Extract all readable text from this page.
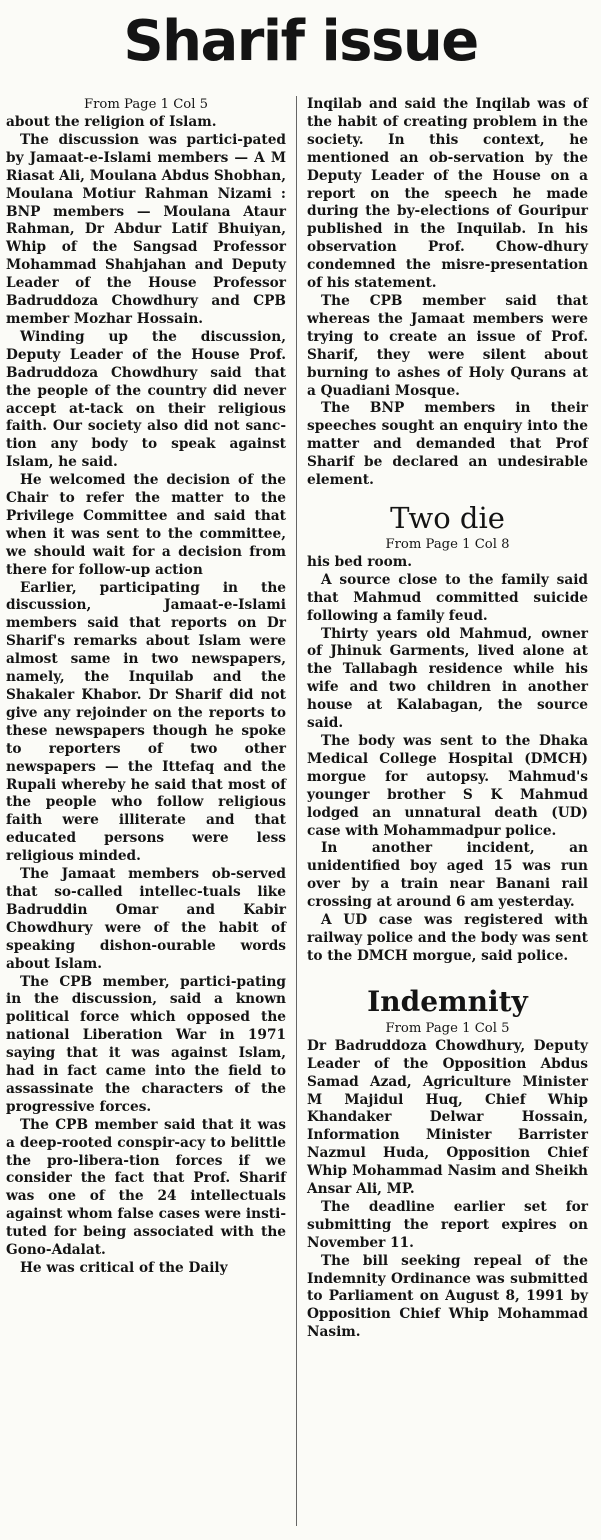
Sharif issue
From Page 1 Col 5

about the religion of Islam.

The discussion was partici-pated by Jamaat-e-Islami members — A M Riasat Ali, Moulana Abdus Shobhan, Moulana Motiur Rahman Nizami : BNP members — Moulana Ataur Rahman, Dr Abdur Latif Bhuiyan, Whip of the Sangsad Professor Mohammad Shahjahan and Deputy Leader of the House Professor Badruddoza Chowdhury and CPB member Mozhar Hossain.

Winding up the discussion, Deputy Leader of the House Prof. Badruddoza Chowdhury said that the people of the country did never accept at-tack on their religious faith. Our society also did not sanc-tion any body to speak against Islam, he said.

He welcomed the decision of the Chair to refer the matter to the Privilege Committee and said that when it was sent to the committee, we should wait for a decision from there for follow-up action

Earlier, participating in the discussion, Jamaat-e-Islami members said that reports on Dr Sharif's remarks about Islam were almost same in two newspapers, namely, the Inquilab and the Shakaler Khabor. Dr Sharif did not give any rejoinder on the reports to these newspapers though he spoke to reporters of two other newspapers — the Ittefaq and the Rupali whereby he said that most of the people who follow religious faith were illiterate and that educated persons were less religious minded.

The Jamaat members ob-served that so-called intellec-tuals like Badruddin Omar and Kabir Chowdhury were of the habit of speaking dishon-ourable words about Islam.

The CPB member, partici-pating in the discussion, said a known political force which opposed the national Liberation War in 1971 saying that it was against Islam, had in fact came into the field to assassinate the characters of the progressive forces.

The CPB member said that it was a deep-rooted conspir-acy to belittle the pro-libera-tion forces if we consider the fact that Prof. Sharif was one of the 24 intellectuals against whom false cases were insti-tuted for being associated with the Gono-Adalat.

He was critical of the Daily

Inqilab and said the Inqilab was of the habit of creating problem in the society. In this context, he mentioned an ob-servation by the Deputy Leader of the House on a report on the speech he made during the by-elections of Gouripur published in the Inquilab. In his observation Prof. Chow-dhury condemned the misre-presentation of his statement.

The CPB member said that whereas the Jamaat members were trying to create an issue of Prof. Sharif, they were silent about burning to ashes of Holy Qurans at a Quadiani Mosque.

The BNP members in their speeches sought an enquiry into the matter and demanded that Prof Sharif be declared an undesirable element.

Two die
From Page 1 Col 8

his bed room.

A source close to the family said that Mahmud committed suicide following a family feud.

Thirty years old Mahmud, owner of Jhinuk Garments, lived alone at the Tallabagh residence while his wife and two children in another house at Kalabagan, the source said.

The body was sent to the Dhaka Medical College Hospital (DMCH) morgue for autopsy. Mahmud's younger brother S K Mahmud lodged an unnatural death (UD) case with Mohammadpur police.

In another incident, an unidentified boy aged 15 was run over by a train near Banani rail crossing at around 6 am yesterday.

A UD case was registered with railway police and the body was sent to the DMCH morgue, said police.

Indemnity
From Page 1 Col 5

Dr Badruddoza Chowdhury, Deputy Leader of the Opposition Abdus Samad Azad, Agriculture Minister M Majidul Huq, Chief Whip Khandaker Delwar Hossain, Information Minister Barrister Nazmul Huda, Opposition Chief Whip Mohammad Nasim and Sheikh Ansar Ali, MP.

The deadline earlier set for submitting the report expires on November 11.

The bill seeking repeal of the Indemnity Ordinance was submitted to Parliament on August 8, 1991 by Opposition Chief Whip Mohammad Nasim.
